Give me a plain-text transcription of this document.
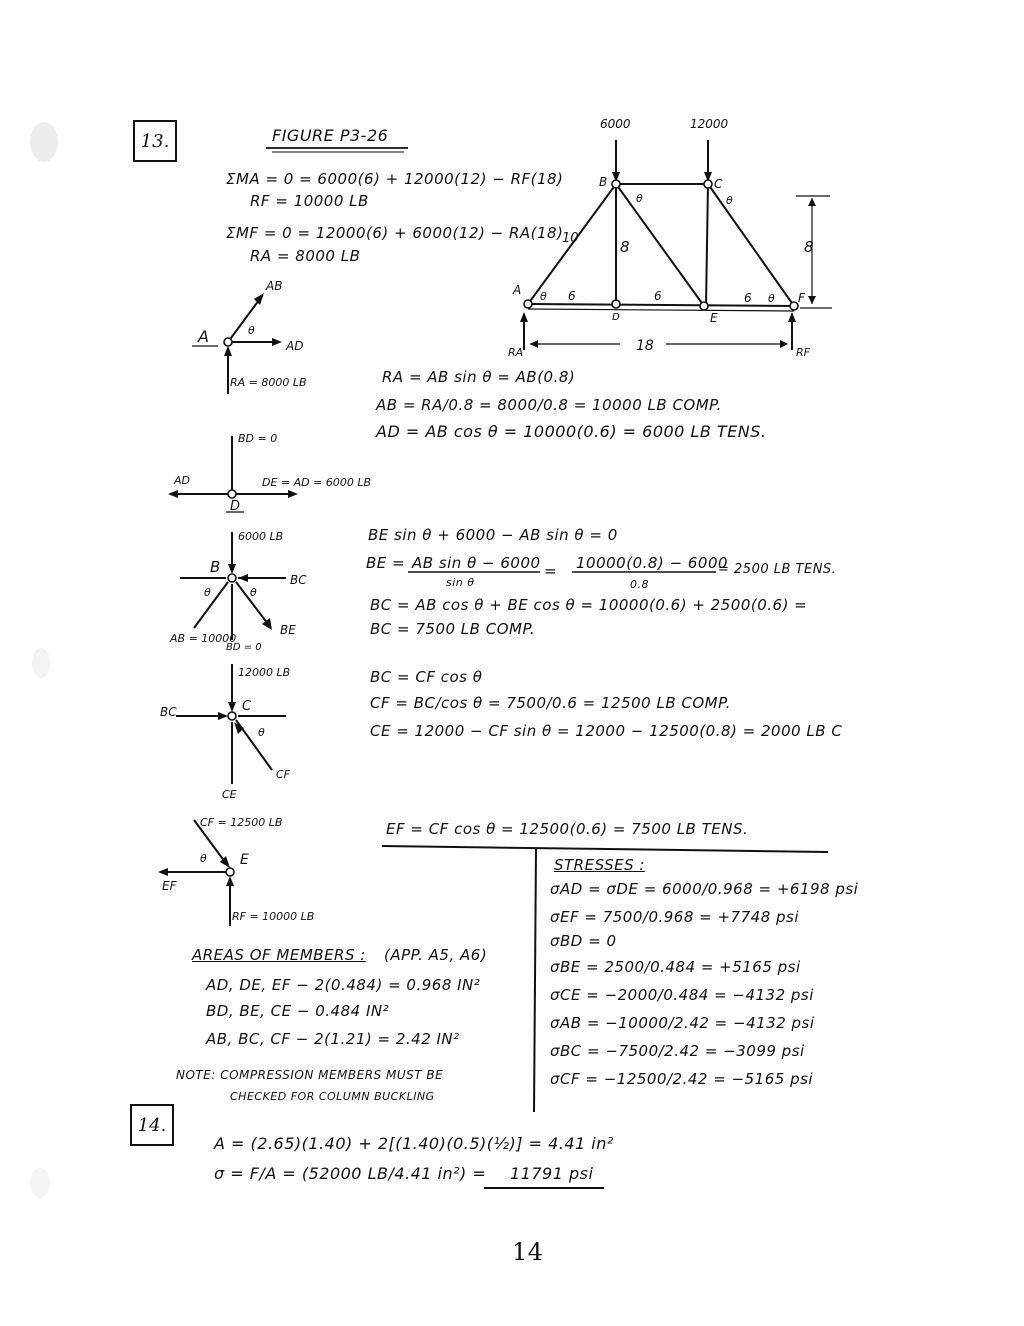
13.	FIGURE P3-26
ΣMA = 0 = 6000(6) + 12000(12) − RF(18)
RF = 10000 LB
ΣMF = 0 = 12000(6) + 6000(12) − RA(18)
RA = 8000 LB
6000	12000
A
B	C
D	E
F
θ	θ
θ	θ
10	8	8
6	6	6
18
RA	RF
AB
θ
AD
A
RA = 8000 LB	RA = AB sin θ = AB(0.8)
AB = RA/0.8 = 8000/0.8 = 10000 LB COMP.
AD = AB cos θ = 10000(0.6) = 6000 LB TENS.
BD = 0
AD	DE = AD = 6000 LB
D
6000 LB
B
BC
θ	θ
BE
AB = 10000
BD = 0
BE sin θ + 6000 − AB sin θ = 0
BE = AB sin θ − 6000
sin θ
= 10000(0.8) − 6000
0.8
= 2500 LB TENS.
BC = AB cos θ + BE cos θ = 10000(0.6) + 2500(0.6) =
BC = 7500 LB COMP.
12000 LB
C
BC
θ
CF
CE
BC = CF cos θ
CF = BC/cos θ = 7500/0.6 = 12500 LB COMP.
CE = 12000 − CF sin θ = 12000 − 12500(0.8) = 2000 LB C
CF = 12500 LB
E
θ
EF
RF = 10000 LB
EF = CF cos θ = 12500(0.6) = 7500 LB TENS.
STRESSES :
σAD = σDE = 6000/0.968 = +6198 psi
σEF = 7500/0.968 = +7748 psi
σBD = 0
σBE = 2500/0.484 = +5165 psi
σCE = −2000/0.484 = −4132 psi
σAB = −10000/2.42 = −4132 psi
σBC = −7500/2.42 = −3099 psi
σCF = −12500/2.42 = −5165 psi
AREAS OF MEMBERS : (APP. A5, A6)
AD, DE, EF − 2(0.484) = 0.968 IN²
BD, BE, CE − 0.484 IN²
AB, BC, CF − 2(1.21) = 2.42 IN²
NOTE: COMPRESSION MEMBERS MUST BE
CHECKED FOR COLUMN BUCKLING
14.
A = (2.65)(1.40) + 2[(1.40)(0.5)(½)] = 4.41 in²
σ = F/A = (52000 LB/4.41 in²) = 11791 psi
14
